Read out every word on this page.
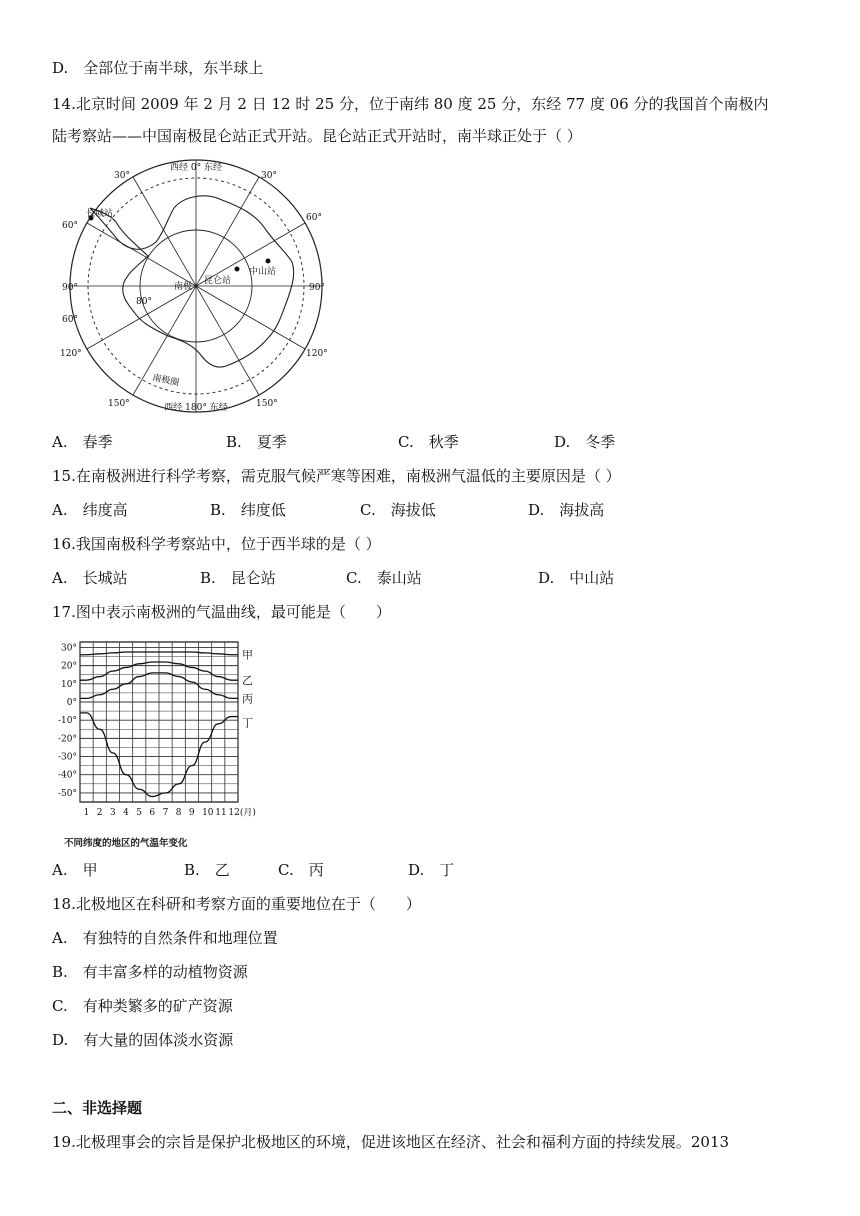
D.　全部位于南半球，东半球上
14.北京时间 2009 年 2 月 2 日 12 时 25 分，位于南纬 80 度 25 分，东经 77 度 06 分的我国首个南极内
陆考察站——中国南极昆仑站正式开站。昆仑站正式开站时，南半球正处于（ ）
西经 0° 东经
西经 180° 东经
30°	30°
60°
60°
90°	90°
60°
120°	120°
150°	150°
80°
长城站
中山站
昆仑站
南极
南极圈
A.　春季	B.　夏季	C.　秋季	D.　冬季
15.在南极洲进行科学考察，需克服气候严寒等困难，南极洲气温低的主要原因是（ ）
A.　纬度高	B.　纬度低	C.　海拔低	D.　海拔高
16.我国南极科学考察站中，位于西半球的是（ ）
A.　长城站	B.　昆仑站	C.　泰山站	D.　中山站
17.图中表示南极洲的气温曲线，最可能是（　　）
30°
20°
10°
0°
-10°
-20°
-30°
-40°
-50°
1 2 3 4 5 6 7 8 9 10 11 12(月)
甲
乙
丙
丁
不同纬度的地区的气温年变化
A.　甲	B.　乙	C.　丙	D.　丁
18.北极地区在科研和考察方面的重要地位在于（　　）
A.　有独特的自然条件和地理位置
B.　有丰富多样的动植物资源
C.　有种类繁多的矿产资源
D.　有大量的固体淡水资源
二、非选择题
19.北极理事会的宗旨是保护北极地区的环境，促进该地区在经济、社会和福利方面的持续发展。2013
